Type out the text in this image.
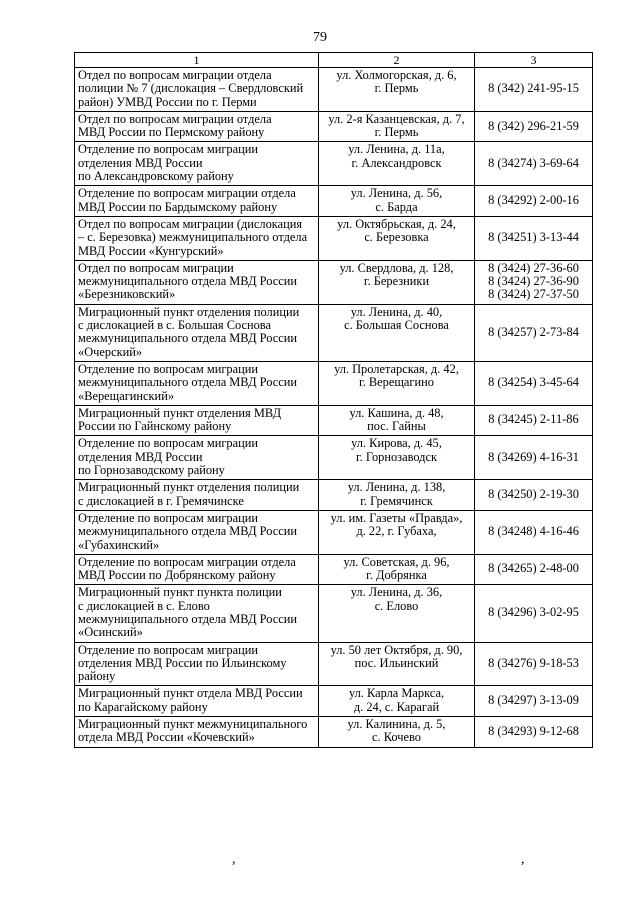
79
1	2	3

Отдел по вопросам миграции отдела
полиции № 7 (дислокация – Свердловский
район) УМВД России по г. Перми	ул. Холмогорская, д. 6,
г. Пермь	8 (342) 241-95-15

Отдел по вопросам миграции отдела
МВД России по Пермскому району	ул. 2-я Казанцевская, д. 7,
г. Пермь	8 (342) 296-21-59

Отделение по вопросам миграции
отделения МВД России
по Александровскому району	ул. Ленина, д. 11а,
г. Александровск	8 (34274) 3-69-64

Отделение по вопросам миграции отдела
МВД России по Бардымскому району	ул. Ленина, д. 56,
с. Барда	8 (34292) 2-00-16

Отдел по вопросам миграции (дислокация
– с. Березовка) межмуниципального отдела
МВД России «Кунгурский»	ул. Октябрьская, д. 24,
с. Березовка	8 (34251) 3-13-44

Отдел по вопросам миграции
межмуниципального отдела МВД России
«Березниковский»	ул. Свердлова, д. 128,
г. Березники	8 (3424) 27-36-60
8 (3424) 27-36-90
8 (3424) 27-37-50

Миграционный пункт отделения полиции
с дислокацией в с. Большая Соснова
межмуниципального отдела МВД России
«Очерский»	ул. Ленина, д. 40,
с. Большая Соснова	8 (34257) 2-73-84

Отделение по вопросам миграции
межмуниципального отдела МВД России
«Верещагинский»	ул. Пролетарская, д. 42,
г. Верещагино	8 (34254) 3-45-64

Миграционный пункт отделения МВД
России по Гайнскому району	ул. Кашина, д. 48,
пос. Гайны	8 (34245) 2-11-86

Отделение по вопросам миграции
отделения МВД России
по Горнозаводскому району	ул. Кирова, д. 45,
г. Горнозаводск	8 (34269) 4-16-31

Миграционный пункт отделения полиции
с дислокацией в г. Гремячинске	ул. Ленина, д. 138,
г. Гремячинск	8 (34250) 2-19-30

Отделение по вопросам миграции
межмуниципального отдела МВД России
«Губахинский»	ул. им. Газеты «Правда»,
д. 22, г. Губаха,	8 (34248) 4-16-46

Отделение по вопросам миграции отдела
МВД России по Добрянскому району	ул. Советская, д. 96,
г. Добрянка	8 (34265) 2-48-00

Миграционный пункт пункта полиции
с дислокацией в с. Елово
межмуниципального отдела МВД России
«Осинский»	ул. Ленина, д. 36,
с. Елово	8 (34296) 3-02-95

Отделение по вопросам миграции
отделения МВД России по Ильинскому
району	ул. 50 лет Октября, д. 90,
пос. Ильинский	8 (34276) 9-18-53

Миграционный пункт отдела МВД России
по Карагайскому району	ул. Карла Маркса,
д. 24, с. Карагай	8 (34297) 3-13-09

Миграционный пункт межмуниципального
отдела МВД России «Кочевский»	ул. Калинина, д. 5,
с. Кочево	8 (34293) 9-12-68
,	,
